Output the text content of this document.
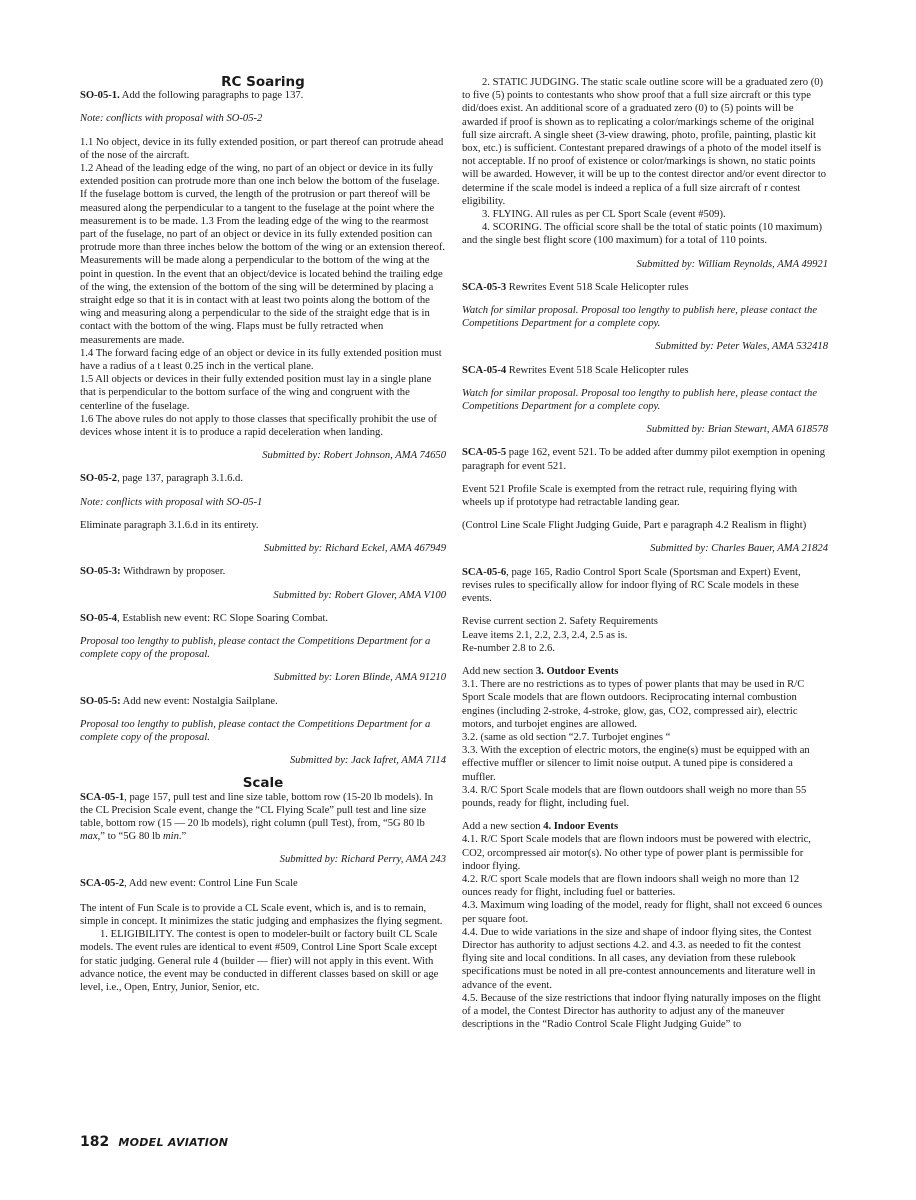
RC Soaring

SO-05-1. Add the following paragraphs to page 137.

Note: conflicts with proposal with SO-05-2

1.1 No object, device in its fully extended position, or part thereof can protrude ahead of the nose of the aircraft.

1.2 Ahead of the leading edge of the wing, no part of an object or device in its fully extended position can protrude more than one inch below the bottom of the fuselage. If the fuselage bottom is curved, the length of the protrusion or part thereof will be measured along the perpendicular to a tangent to the fuselage at the point where the measurement is to be made. 1.3 From the leading edge of the wing to the rearmost part of the fuselage, no part of an object or device in its fully extended position can protrude more than three inches below the bottom of the wing or an extension thereof. Measurements will be made along a perpendicular to the bottom of the wing at the point in question. In the event that an object/device is located behind the trailing edge of the wing, the extension of the bottom of the sing will be determined by placing a straight edge so that it is in contact with at least two points along the bottom of the wing and measuring along a perpendicular to the side of the straight edge that is in contact with the bottom of the wing. Flaps must be fully retracted when measurements are made.

1.4 The forward facing edge of an object or device in its fully extended position must have a radius of a t least 0.25 inch in the vertical plane.

1.5 All objects or devices in their fully extended position must lay in a single plane that is perpendicular to the bottom surface of the wing and congruent with the centerline of the fuselage.

1.6 The above rules do not apply to those classes that specifically prohibit the use of devices whose intent it is to produce a rapid deceleration when landing.

Submitted by: Robert Johnson, AMA 74650

SO-05-2, page 137, paragraph 3.1.6.d.

Note: conflicts with proposal with SO-05-1

Eliminate paragraph 3.1.6.d in its entirety.

Submitted by: Richard Eckel, AMA 467949

SO-05-3: Withdrawn by proposer.

Submitted by: Robert Glover, AMA V100

SO-05-4, Establish new event: RC Slope Soaring Combat.

Proposal too lengthy to publish, please contact the Competitions Department for a complete copy of the proposal.

Submitted by: Loren Blinde, AMA 91210

SO-05-5: Add new event: Nostalgia Sailplane.

Proposal too lengthy to publish, please contact the Competitions Department for a complete copy of the proposal.

Submitted by: Jack Iafret, AMA 7114

Scale

SCA-05-1, page 157, pull test and line size table, bottom row (15-20 lb models). In the CL Precision Scale event, change the “CL Flying Scale” pull test and line size table, bottom row (15 — 20 lb models), right column (pull Test), from, “5G 80 lb max,” to “5G 80 lb min.”

Submitted by: Richard Perry, AMA 243

SCA-05-2, Add new event: Control Line Fun Scale

The intent of Fun Scale is to provide a CL Scale event, which is, and is to remain, simple in concept. It minimizes the static judging and emphasizes the flying segment.

1. ELIGIBILITY. The contest is open to modeler-built or factory built CL Scale models. The event rules are identical to event #509, Control Line Sport Scale except for static judging. General rule 4 (builder — flier) will not apply in this event. With advance notice, the event may be conducted in different classes based on skill or age level, i.e., Open, Entry, Junior, Senior, etc.

2. STATIC JUDGING. The static scale outline score will be a graduated zero (0) to five (5) points to contestants who show proof that a full size aircraft or this type did/does exist. An additional score of a graduated zero (0) to (5) points will be awarded if proof is shown as to replicating a color/markings scheme of the original full size aircraft. A single sheet (3-view drawing, photo, profile, painting, plastic kit box, etc.) is sufficient. Contestant prepared drawings of a photo of the model itself is not acceptable. If no proof of existence or color/markings is shown, no static points will be awarded. However, it will be up to the contest director and/or event director to determine if the scale model is indeed a replica of a full size aircraft of r contest

eligibility.

3. FLYING. All rules as per CL Sport Scale (event #509).

4. SCORING. The official score shall be the total of static points (10 maximum) and the single best flight score (100 maximum) for a total of 110 points.

Submitted by: William Reynolds, AMA 49921

SCA-05-3 Rewrites Event 518 Scale Helicopter rules

Watch for similar proposal. Proposal too lengthy to publish here, please contact the Competitions Department for a complete copy.

Submitted by: Peter Wales, AMA 532418

SCA-05-4 Rewrites Event 518 Scale Helicopter rules

Watch for similar proposal. Proposal too lengthy to publish here, please contact the Competitions Department for a complete copy.

Submitted by: Brian Stewart, AMA 618578

SCA-05-5 page 162, event 521. To be added after dummy pilot exemption in opening paragraph for event 521.

Event 521 Profile Scale is exempted from the retract rule, requiring flying with wheels up if prototype had retractable landing gear.

(Control Line Scale Flight Judging Guide, Part e paragraph 4.2 Realism in flight)

Submitted by: Charles Bauer, AMA 21824

SCA-05-6, page 165, Radio Control Sport Scale (Sportsman and Expert) Event, revises rules to specifically allow for indoor flying of RC Scale models in these events.

Revise current section 2. Safety Requirements

Leave items 2.1, 2.2, 2.3, 2.4, 2.5 as is.

Re-number 2.8 to 2.6.

Add new section 3. Outdoor Events

3.1. There are no restrictions as to types of power plants that may be used in R/C Sport Scale models that are flown outdoors. Reciprocating internal combustion engines (including 2-stroke, 4-stroke, glow, gas, CO2, compressed air), electric motors, and turbojet engines are allowed.

3.2. (same as old section “2.7. Turbojet engines “

3.3. With the exception of electric motors, the engine(s) must be equipped with an effective muffler or silencer to limit noise output. A tuned pipe is considered a muffler.

3.4. R/C Sport Scale models that are flown outdoors shall weigh no more than 55 pounds, ready for flight, including fuel.

Add a new section 4. Indoor Events

4.1. R/C Sport Scale models that are flown indoors must be powered with electric, CO2, orcompressed air motor(s). No other type of power plant is permissible for indoor flying.

4.2. R/C sport Scale models that are flown indoors shall weigh no more than 12 ounces ready for flight, including fuel or batteries.

4.3. Maximum wing loading of the model, ready for flight, shall not exceed 6 ounces per square foot.

4.4. Due to wide variations in the size and shape of indoor flying sites, the Contest Director has authority to adjust sections 4.2. and 4.3. as needed to fit the contest flying site and local conditions. In all cases, any deviation from these rulebook specifications must be noted in all pre-contest announcements and literature well in advance of the event.

4.5. Because of the size restrictions that indoor flying naturally imposes on the flight of a model, the Contest Director has authority to adjust any of the maneuver descriptions in the “Radio Control Scale Flight Judging Guide” to

182 MODEL AVIATION
